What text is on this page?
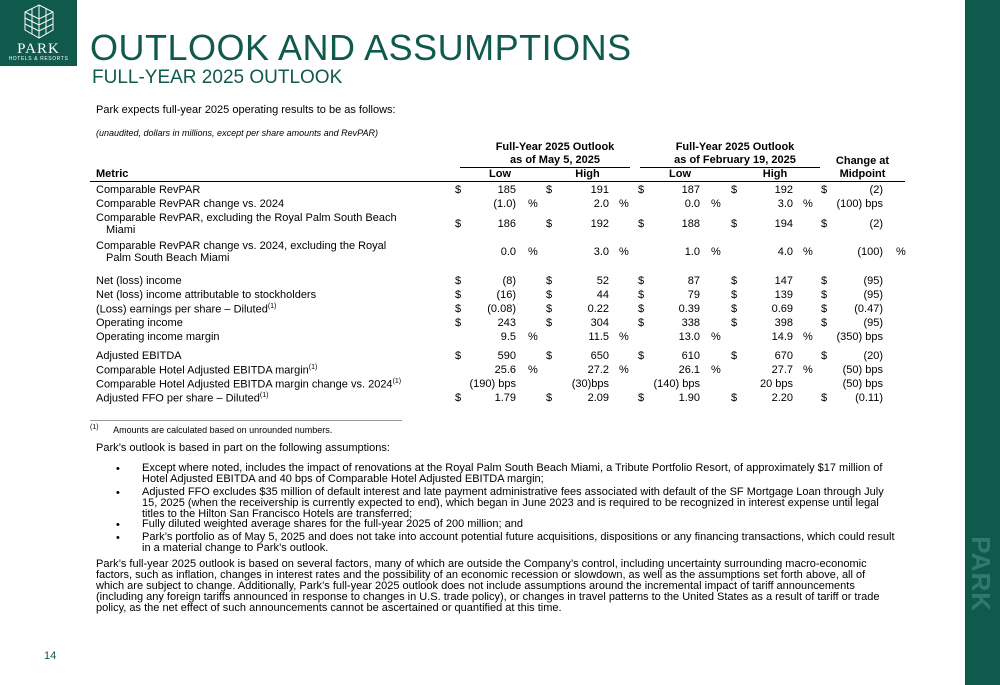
PARK
HOTELS & RESORTS
PARK
OUTLOOK AND ASSUMPTIONS
FULL-YEAR 2025 OUTLOOK
Park expects full-year 2025 operating results to be as follows:
(unaudited, dollars in millions, except per share amounts and RevPAR)
Full-Year 2025 Outlook
as of May 5, 2025
Full-Year 2025 Outlook
as of February 19, 2025	Change at
Midpoint
Metric	Low	High	Low	High
Comparable RevPAR	$	185	$	191	$	187	$	192	$	(2)
Comparable RevPAR change vs. 2024	(1.0) %	2.0 %	0.0 %	3.0 %	(100) bps
Comparable RevPAR, excluding the Royal Palm South Beach
Miami	$	186	$	192	$	188	$	194	$	(2)
Comparable RevPAR change vs. 2024, excluding the Royal
Palm South Beach Miami	0.0 %	3.0 %	1.0 %	4.0 %	(100) %
Net (loss) income	$	(8)	$	52	$	87	$	147	$	(95)
Net (loss) income attributable to stockholders	$	(16)	$	44	$	79	$	139	$	(95)
(Loss) earnings per share – Diluted$^{(1)}$	$	(0.08)	$	0.22	$	0.39	$	0.69	$	(0.47)
Operating income	$	243	$	304	$	338	$	398	$	(95)
Operating income margin	9.5 %	11.5 %	13.0 %	14.9 %	(350) bps
Adjusted EBITDA	$	590	$	650	$	610	$	670	$	(20)
Comparable Hotel Adjusted EBITDA margin$^{(1)}$	25.6 %	27.2 %	26.1 %	27.7 %	(50) bps
Comparable Hotel Adjusted EBITDA margin change vs. 2024$^{(1)}$	(190) bps	(30)bps	(140) bps	20 bps	(50) bps
Adjusted FFO per share – Diluted$^{(1)}$	$	1.79	$	2.09	$	1.90	$	2.20	$	(0.11)
$^{(1)}$ Amounts are calculated based on unrounded numbers.
Park’s outlook is based in part on the following assumptions:
• Except where noted, includes the impact of renovations at the Royal Palm South Beach Miami, a Tribute Portfolio Resort, of approximately $17 million of
Hotel Adjusted EBITDA and 40 bps of Comparable Hotel Adjusted EBITDA margin;
• Adjusted FFO excludes $35 million of default interest and late payment administrative fees associated with default of the SF Mortgage Loan through July
15, 2025 (when the receivership is currently expected to end), which began in June 2023 and is required to be recognized in interest expense until legal
titles to the Hilton San Francisco Hotels are transferred;
• Fully diluted weighted average shares for the full-year 2025 of 200 million; and
• Park’s portfolio as of May 5, 2025 and does not take into account potential future acquisitions, dispositions or any financing transactions, which could result
in a material change to Park’s outlook.
Park’s full-year 2025 outlook is based on several factors, many of which are outside the Company’s control, including uncertainty surrounding macro-economic
factors, such as inflation, changes in interest rates and the possibility of an economic recession or slowdown, as well as the assumptions set forth above, all of
which are subject to change. Additionally, Park’s full-year 2025 outlook does not include assumptions around the incremental impact of tariff announcements
(including any foreign tariffs announced in response to changes in U.S. trade policy), or changes in travel patterns to the United States as a result of tariff or trade
policy, as the net effect of such announcements cannot be ascertained or quantified at this time.
14
